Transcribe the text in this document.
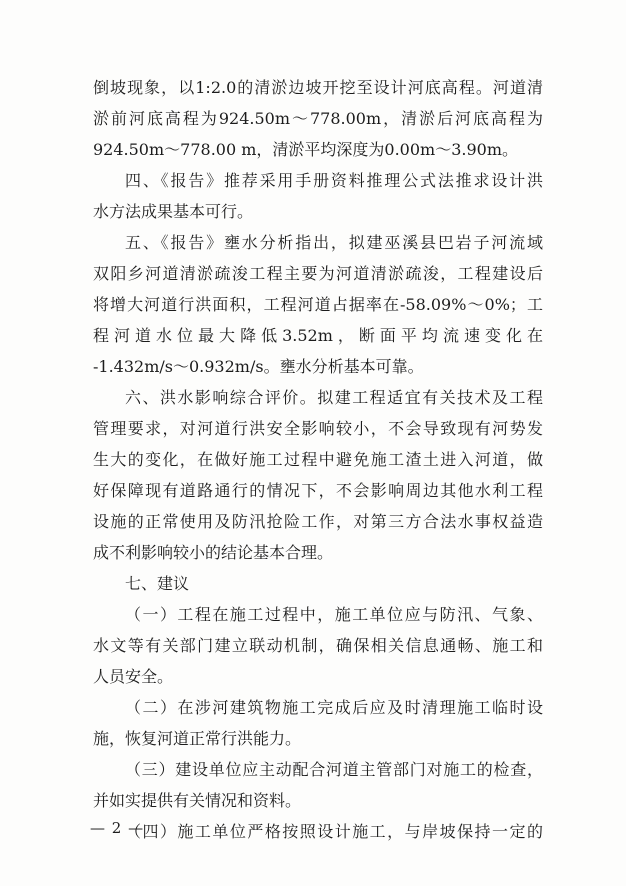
倒坡现象，以1:2.0的清淤边坡开挖至设计河底高程。河道清
淤前河底高程为924.50m～778.00m，清淤后河底高程为
924.50m～778.00 m，清淤平均深度为0.00m～3.90m。
四、《报告》推荐采用手册资料推理公式法推求设计洪
水方法成果基本可行。
五、《报告》壅水分析指出，拟建巫溪县巴岩子河流域
双阳乡河道清淤疏浚工程主要为河道清淤疏浚，工程建设后
将增大河道行洪面积，工程河道占据率在-58.09%～0%；工
程河道水位最大降低3.52m，断面平均流速变化在
-1.432m/s～0.932m/s。壅水分析基本可靠。
六、洪水影响综合评价。拟建工程适宜有关技术及工程
管理要求，对河道行洪安全影响较小，不会导致现有河势发
生大的变化，在做好施工过程中避免施工渣土进入河道，做
好保障现有道路通行的情况下，不会影响周边其他水利工程
设施的正常使用及防汛抢险工作，对第三方合法水事权益造
成不利影响较小的结论基本合理。
七、建议
（一）工程在施工过程中，施工单位应与防汛、气象、
水文等有关部门建立联动机制，确保相关信息通畅、施工和
人员安全。
（二）在涉河建筑物施工完成后应及时清理施工临时设
施，恢复河道正常行洪能力。
（三）建设单位应主动配合河道主管部门对施工的检查，
并如实提供有关情况和资料。
（四）施工单位严格按照设计施工，与岸坡保持一定的
— 2 —
